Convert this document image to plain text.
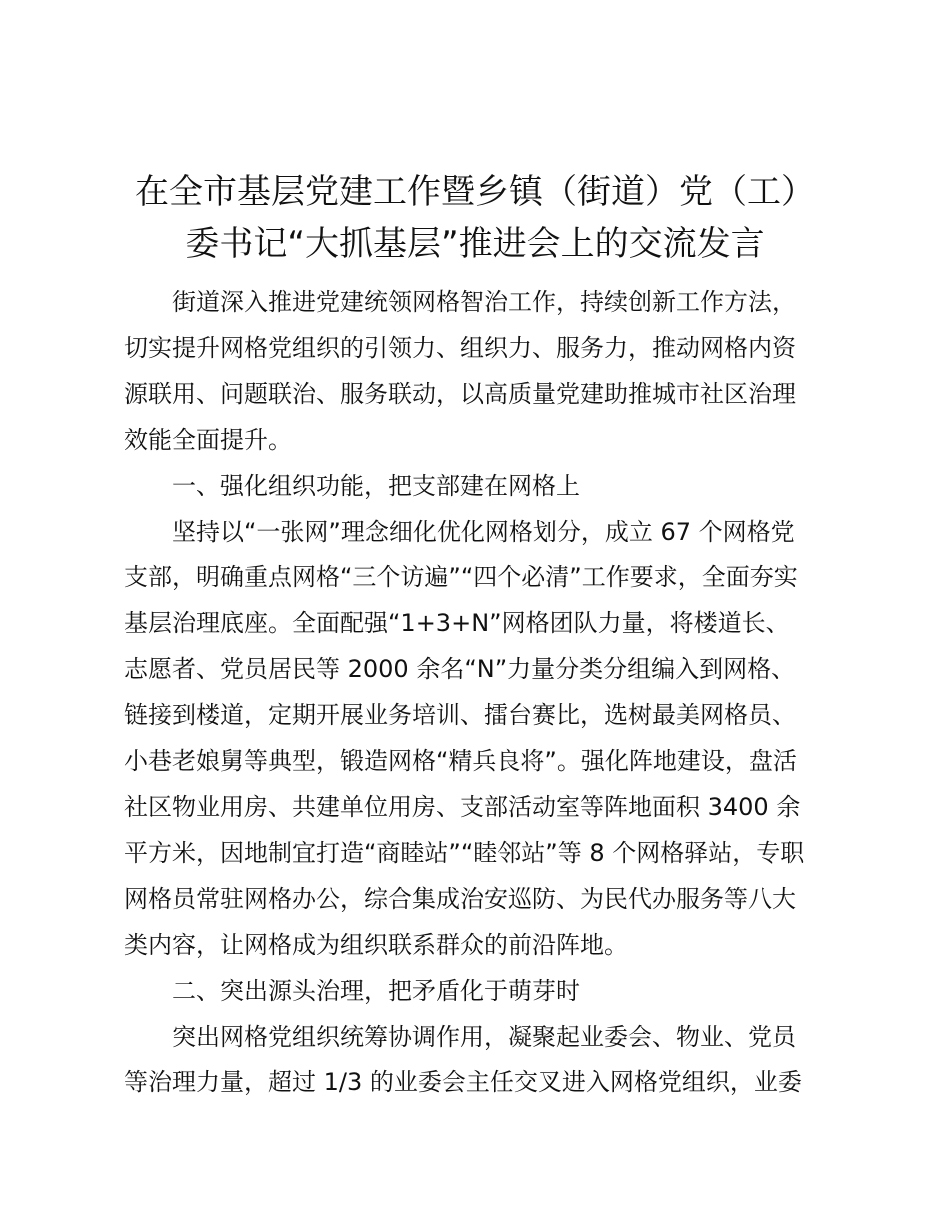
在全市基层党建工作暨乡镇（街道）党（工）
委书记“大抓基层”推进会上的交流发言

街道深入推进党建统领网格智治工作，持续创新工作方法，
切实提升网格党组织的引领力、组织力、服务力，推动网格内资
源联用、问题联治、服务联动，以高质量党建助推城市社区治理
效能全面提升。

一、强化组织功能，把支部建在网格上

坚持以“一张网”理念细化优化网格划分，成立 67 个网格党
支部，明确重点网格“三个访遍”“四个必清”工作要求，全面夯实
基层治理底座。全面配强“1+3+N”网格团队力量，将楼道长、
志愿者、党员居民等 2000 余名“N”力量分类分组编入到网格、
链接到楼道，定期开展业务培训、擂台赛比，选树最美网格员、
小巷老娘舅等典型，锻造网格“精兵良将”。强化阵地建设，盘活
社区物业用房、共建单位用房、支部活动室等阵地面积 3400 余
平方米，因地制宜打造“商睦站”“睦邻站”等 8 个网格驿站，专职
网格员常驻网格办公，综合集成治安巡防、为民代办服务等八大
类内容，让网格成为组织联系群众的前沿阵地。

二、突出源头治理，把矛盾化于萌芽时

突出网格党组织统筹协调作用，凝聚起业委会、物业、党员
等治理力量，超过 1/3 的业委会主任交叉进入网格党组织，业委
